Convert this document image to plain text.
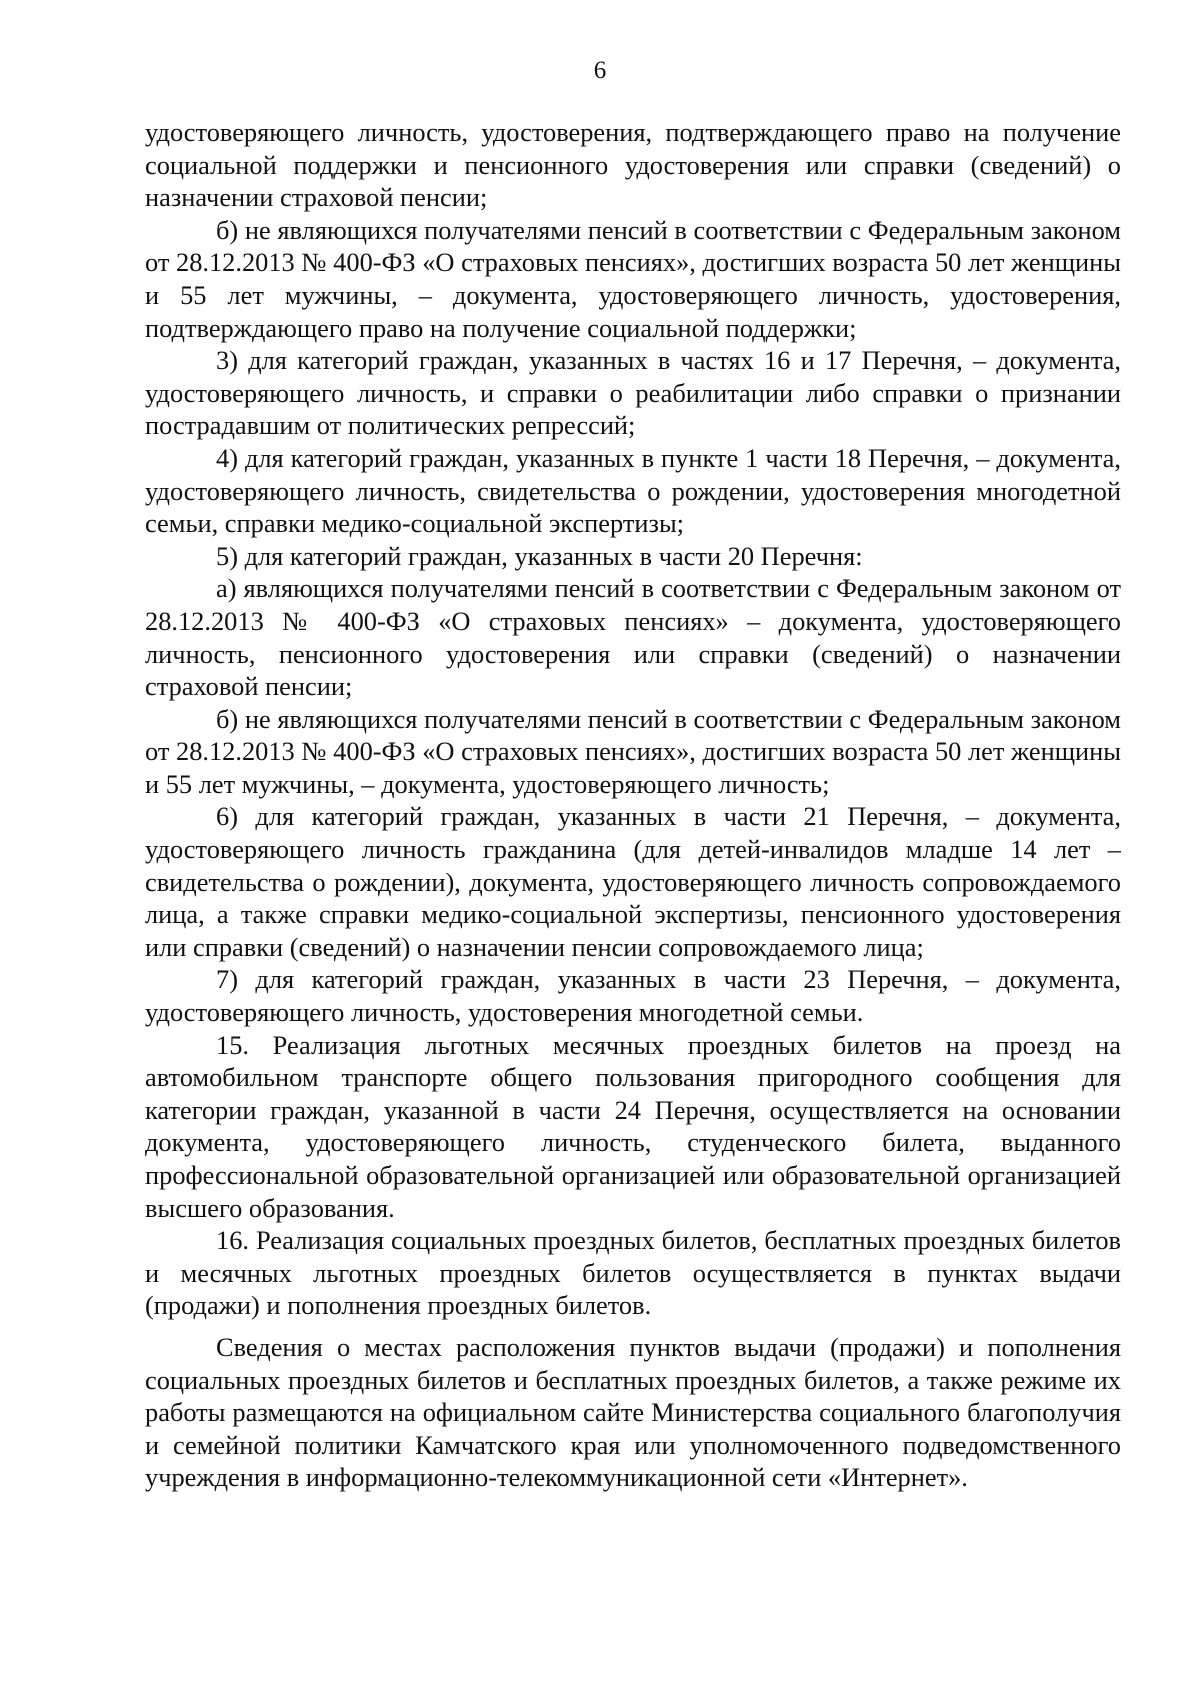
6

удостоверяющего личность, удостоверения, подтверждающего право на получение социальной поддержки и пенсионного удостоверения или справки (сведений) о назначении страховой пенсии;

б) не являющихся получателями пенсий в соответствии с Федеральным законом от 28.12.2013 № 400-ФЗ «О страховых пенсиях», достигших возраста 50 лет женщины и 55 лет мужчины, – документа, удостоверяющего личность, удостоверения, подтверждающего право на получение социальной поддержки;

3) для категорий граждан, указанных в частях 16 и 17 Перечня, – документа, удостоверяющего личность, и справки о реабилитации либо справки о признании пострадавшим от политических репрессий;

4) для категорий граждан, указанных в пункте 1 части 18 Перечня, – документа, удостоверяющего личность, свидетельства о рождении, удостоверения многодетной семьи, справки медико-социальной экспертизы;

5) для категорий граждан, указанных в части 20 Перечня:

а) являющихся получателями пенсий в соответствии с Федеральным законом от 28.12.2013 № 400-ФЗ «О страховых пенсиях» – документа, удостоверяющего личность, пенсионного удостоверения или справки (сведений) о назначении страховой пенсии;

б) не являющихся получателями пенсий в соответствии с Федеральным законом от 28.12.2013 № 400-ФЗ «О страховых пенсиях», достигших возраста 50 лет женщины и 55 лет мужчины, – документа, удостоверяющего личность;

6) для категорий граждан, указанных в части 21 Перечня, – документа, удостоверяющего личность гражданина (для детей-инвалидов младше 14 лет – свидетельства о рождении), документа, удостоверяющего личность сопровождаемого лица, а также справки медико-социальной экспертизы, пенсионного удостоверения или справки (сведений) о назначении пенсии сопровождаемого лица;

7) для категорий граждан, указанных в части 23 Перечня, – документа, удостоверяющего личность, удостоверения многодетной семьи.

15. Реализация льготных месячных проездных билетов на проезд на автомобильном транспорте общего пользования пригородного сообщения для категории граждан, указанной в части 24 Перечня, осуществляется на основании документа, удостоверяющего личность, студенческого билета, выданного профессиональной образовательной организацией или образовательной организацией высшего образования.

16. Реализация социальных проездных билетов, бесплатных проездных билетов и месячных льготных проездных билетов осуществляется в пунктах выдачи (продажи) и пополнения проездных билетов.

Сведения о местах расположения пунктов выдачи (продажи) и пополнения социальных проездных билетов и бесплатных проездных билетов, а также режиме их работы размещаются на официальном сайте Министерства социального благополучия и семейной политики Камчатского края или уполномоченного подведомственного учреждения в информационно-телекоммуникационной сети «Интернет».
